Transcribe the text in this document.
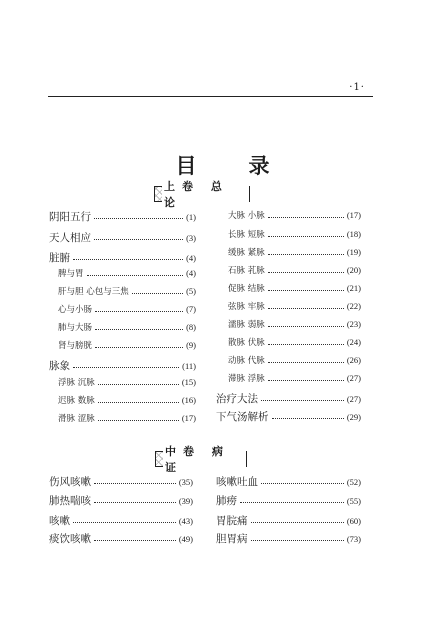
·1·
目录
上卷 总 论
阴阳五行	(1)
天人相应	(3)
脏腑	(4)
脾与胃	(4)
肝与胆 心包与三焦	(5)
心与小肠	(7)
肺与大肠	(8)
肾与膀胱	(9)
脉象	(11)
浮脉 沉脉	(15)
迟脉 数脉	(16)
滑脉 涩脉	(17)
大脉 小脉	(17)
长脉 短脉	(18)
缓脉 紧脉	(19)
石脉 芤脉	(20)
促脉 结脉	(21)
弦脉 牢脉	(22)
濡脉 弱脉	(23)
散脉 伏脉	(24)
动脉 代脉	(26)
滞脉 浮脉	(27)
治疗大法	(27)
下气汤解析	(29)
中卷 病 证
伤风咳嗽	(35)
肺热喘咳	(39)
咳嗽	(43)
痰饮咳嗽	(49)
咳嗽吐血	(52)
肺痨	(55)
胃脘痛	(60)
胆胃病	(73)
